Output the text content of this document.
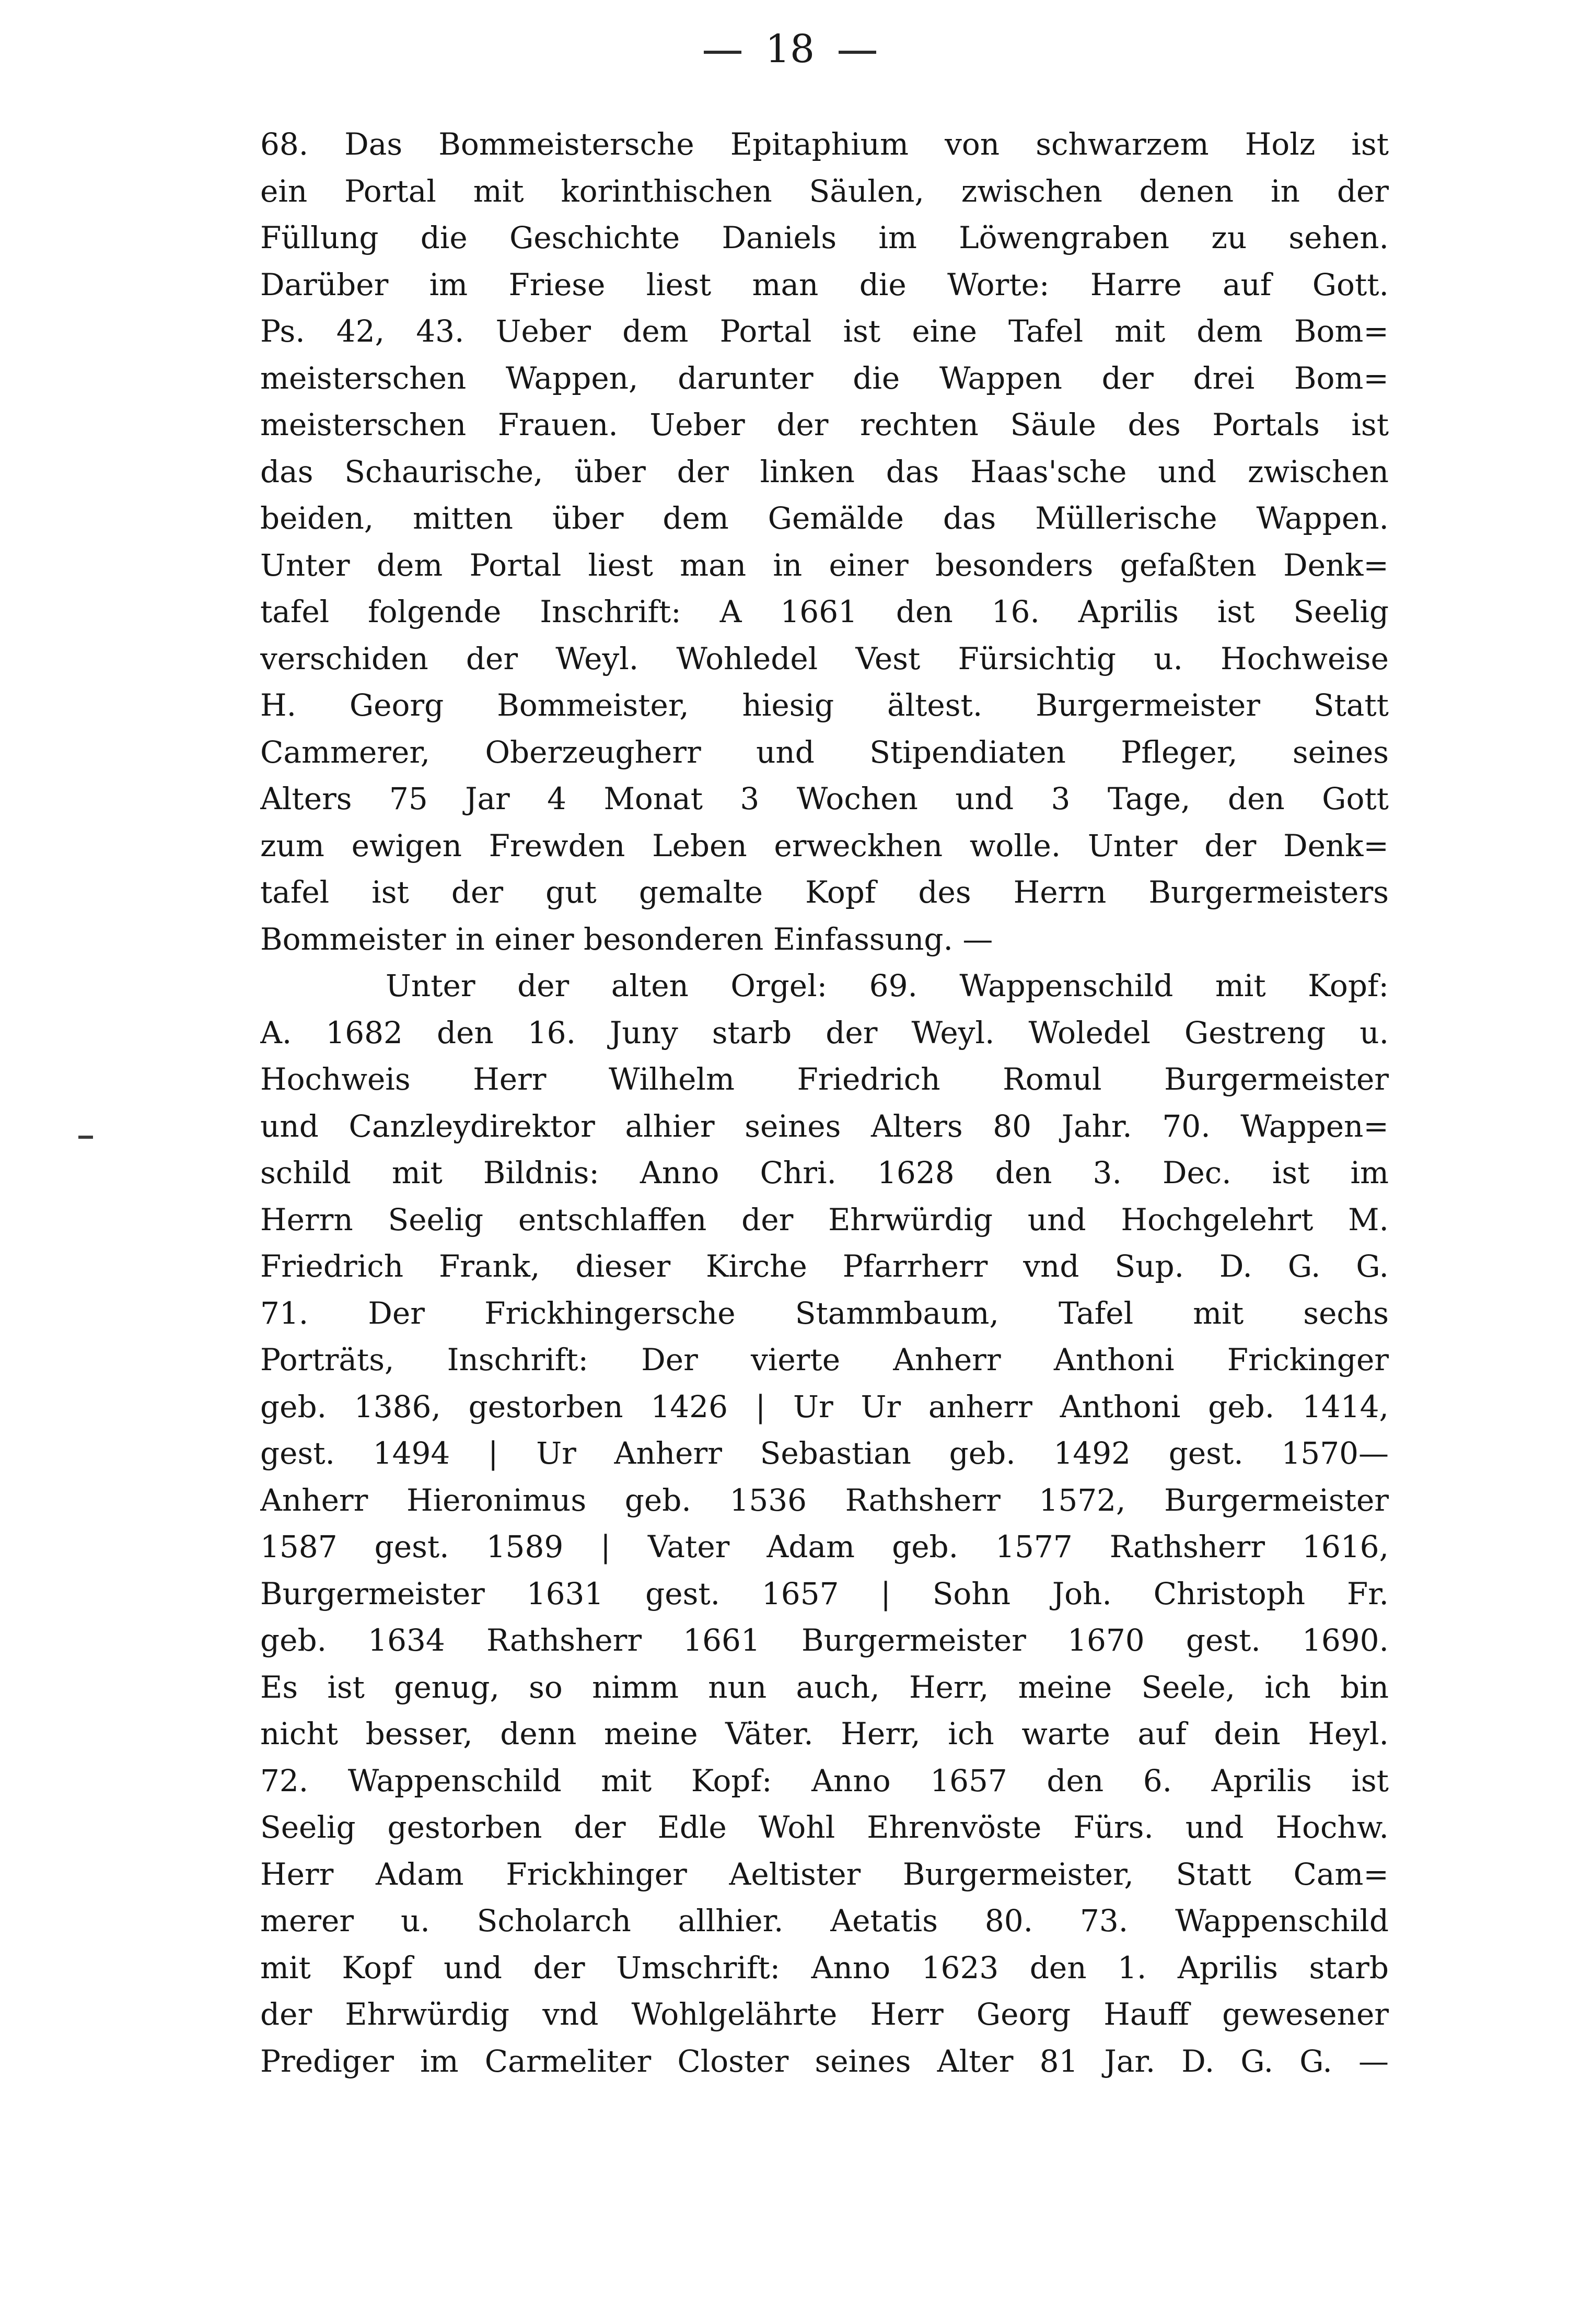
18
68. Das Bommeistersche Epitaphium von schwarzem Holz ist
ein Portal mit korinthischen Säulen, zwischen denen in der
Füllung die Geschichte Daniels im Löwengraben zu sehen.
Darüber im Friese liest man die Worte: Harre auf Gott.
Ps. 42, 43. Ueber dem Portal ist eine Tafel mit dem Bom=
meisterschen Wappen, darunter die Wappen der drei Bom=
meisterschen Frauen. Ueber der rechten Säule des Portals ist
das Schaurische, über der linken das Haas'sche und zwischen
beiden, mitten über dem Gemälde das Müllerische Wappen.
Unter dem Portal liest man in einer besonders gefaßten Denk=
tafel folgende Inschrift: A 1661 den 16. Aprilis ist Seelig
verschiden der Weyl. Wohledel Vest Fürsichtig u. Hochweise
H. Georg Bommeister, hiesig ältest. Burgermeister Statt
Cammerer, Oberzeugherr und Stipendiaten Pfleger, seines
Alters 75 Jar 4 Monat 3 Wochen und 3 Tage, den Gott
zum ewigen Frewden Leben erweckhen wolle. Unter der Denk=
tafel ist der gut gemalte Kopf des Herrn Burgermeisters
Bommeister in einer besonderen Einfassung. —
Unter der alten Orgel: 69. Wappenschild mit Kopf:
A. 1682 den 16. Juny starb der Weyl. Woledel Gestreng u.
Hochweis Herr Wilhelm Friedrich Romul Burgermeister
und Canzleydirektor alhier seines Alters 80 Jahr. 70. Wappen=
schild mit Bildnis: Anno Chri. 1628 den 3. Dec. ist im
Herrn Seelig entschlaffen der Ehrwürdig und Hochgelehrt M.
Friedrich Frank, dieser Kirche Pfarrherr vnd Sup. D. G. G.
71. Der Frickhingersche Stammbaum, Tafel mit sechs
Porträts, Inschrift: Der vierte Anherr Anthoni Frickinger
geb. 1386, gestorben 1426 | Ur Ur anherr Anthoni geb. 1414,
gest. 1494 | Ur Anherr Sebastian geb. 1492 gest. 1570—
Anherr Hieronimus geb. 1536 Rathsherr 1572, Burgermeister
1587 gest. 1589 | Vater Adam geb. 1577 Rathsherr 1616,
Burgermeister 1631 gest. 1657 | Sohn Joh. Christoph Fr.
geb. 1634 Rathsherr 1661 Burgermeister 1670 gest. 1690.
Es ist genug, so nimm nun auch, Herr, meine Seele, ich bin
nicht besser, denn meine Väter. Herr, ich warte auf dein Heyl.
72. Wappenschild mit Kopf: Anno 1657 den 6. Aprilis ist
Seelig gestorben der Edle Wohl Ehrenvöste Fürs. und Hochw.
Herr Adam Frickhinger Aeltister Burgermeister, Statt Cam=
merer u. Scholarch allhier. Aetatis 80. 73. Wappenschild
mit Kopf und der Umschrift: Anno 1623 den 1. Aprilis starb
der Ehrwürdig vnd Wohlgelährte Herr Georg Hauff gewesener
Prediger im Carmeliter Closter seines Alter 81 Jar. D. G. G. —
